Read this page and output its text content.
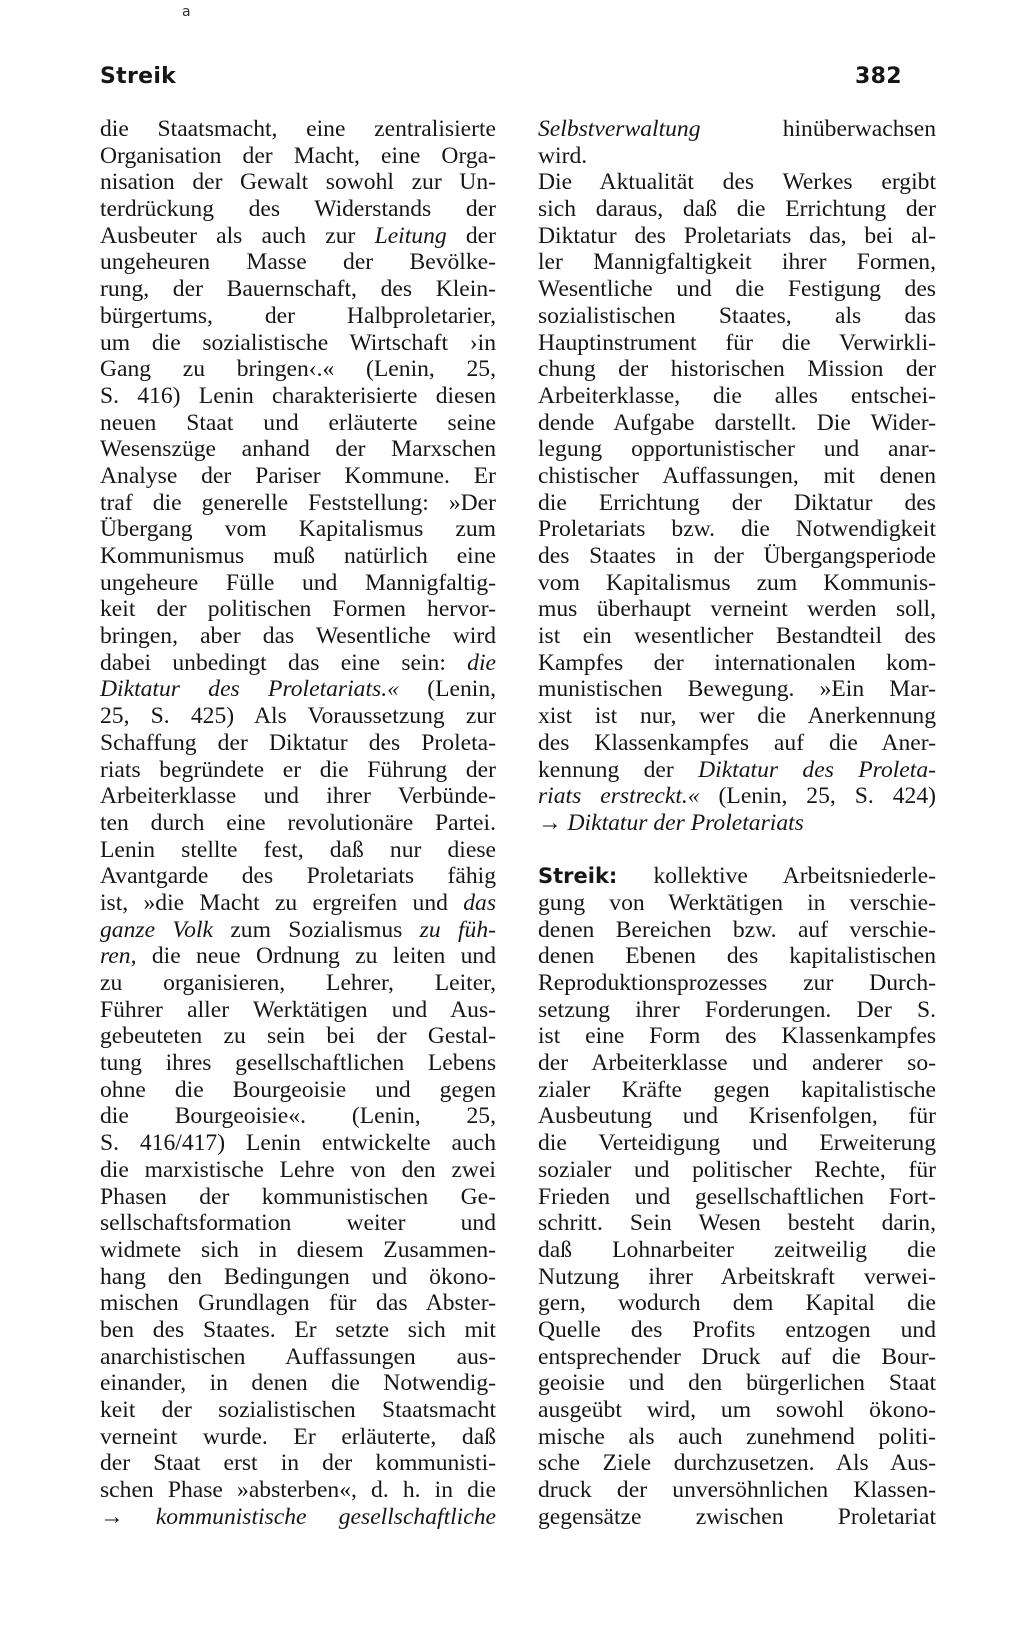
a
Streik	382
die Staatsmacht, eine zentralisierte
Organisation der Macht, eine Orga-
nisation der Gewalt sowohl zur Un-
terdrückung des Widerstands der
Ausbeuter als auch zur Leitung der
ungeheuren Masse der Bevölke-
rung, der Bauernschaft, des Klein-
bürgertums, der Halbproletarier,
um die sozialistische Wirtschaft ›in
Gang zu bringen‹.« (Lenin, 25,
S. 416) Lenin charakterisierte diesen
neuen Staat und erläuterte seine
Wesenszüge anhand der Marxschen
Analyse der Pariser Kommune. Er
traf die generelle Feststellung: »Der
Übergang vom Kapitalismus zum
Kommunismus muß natürlich eine
ungeheure Fülle und Mannigfaltig-
keit der politischen Formen hervor-
bringen, aber das Wesentliche wird
dabei unbedingt das eine sein: die
Diktatur des Proletariats.« (Lenin,
25, S. 425) Als Voraussetzung zur
Schaffung der Diktatur des Proleta-
riats begründete er die Führung der
Arbeiterklasse und ihrer Verbünde-
ten durch eine revolutionäre Partei.
Lenin stellte fest, daß nur diese
Avantgarde des Proletariats fähig
ist, »die Macht zu ergreifen und das
ganze Volk zum Sozialismus zu füh-
ren, die neue Ordnung zu leiten und
zu organisieren, Lehrer, Leiter,
Führer aller Werktätigen und Aus-
gebeuteten zu sein bei der Gestal-
tung ihres gesellschaftlichen Lebens
ohne die Bourgeoisie und gegen
die Bourgeoisie«. (Lenin, 25,
S. 416/417) Lenin entwickelte auch
die marxistische Lehre von den zwei
Phasen der kommunistischen Ge-
sellschaftsformation weiter und
widmete sich in diesem Zusammen-
hang den Bedingungen und ökono-
mischen Grundlagen für das Abster-
ben des Staates. Er setzte sich mit
anarchistischen Auffassungen aus-
einander, in denen die Notwendig-
keit der sozialistischen Staatsmacht
verneint wurde. Er erläuterte, daß
der Staat erst in der kommunisti-
schen Phase »absterben«, d. h. in die
→ kommunistische gesellschaftliche
Selbstverwaltung hinüberwachsen
wird.
Die Aktualität des Werkes ergibt
sich daraus, daß die Errichtung der
Diktatur des Proletariats das, bei al-
ler Mannigfaltigkeit ihrer Formen,
Wesentliche und die Festigung des
sozialistischen Staates, als das
Hauptinstrument für die Verwirkli-
chung der historischen Mission der
Arbeiterklasse, die alles entschei-
dende Aufgabe darstellt. Die Wider-
legung opportunistischer und anar-
chistischer Auffassungen, mit denen
die Errichtung der Diktatur des
Proletariats bzw. die Notwendigkeit
des Staates in der Übergangsperiode
vom Kapitalismus zum Kommunis-
mus überhaupt verneint werden soll,
ist ein wesentlicher Bestandteil des
Kampfes der internationalen kom-
munistischen Bewegung. »Ein Mar-
xist ist nur, wer die Anerkennung
des Klassenkampfes auf die Aner-
kennung der Diktatur des Proleta-
riats erstreckt.« (Lenin, 25, S. 424)
→ Diktatur der Proletariats
Streik: kollektive Arbeitsniederle-
gung von Werktätigen in verschie-
denen Bereichen bzw. auf verschie-
denen Ebenen des kapitalistischen
Reproduktionsprozesses zur Durch-
setzung ihrer Forderungen. Der S.
ist eine Form des Klassenkampfes
der Arbeiterklasse und anderer so-
zialer Kräfte gegen kapitalistische
Ausbeutung und Krisenfolgen, für
die Verteidigung und Erweiterung
sozialer und politischer Rechte, für
Frieden und gesellschaftlichen Fort-
schritt. Sein Wesen besteht darin,
daß Lohnarbeiter zeitweilig die
Nutzung ihrer Arbeitskraft verwei-
gern, wodurch dem Kapital die
Quelle des Profits entzogen und
entsprechender Druck auf die Bour-
geoisie und den bürgerlichen Staat
ausgeübt wird, um sowohl ökono-
mische als auch zunehmend politi-
sche Ziele durchzusetzen. Als Aus-
druck der unversöhnlichen Klassen-
gegensätze zwischen Proletariat
